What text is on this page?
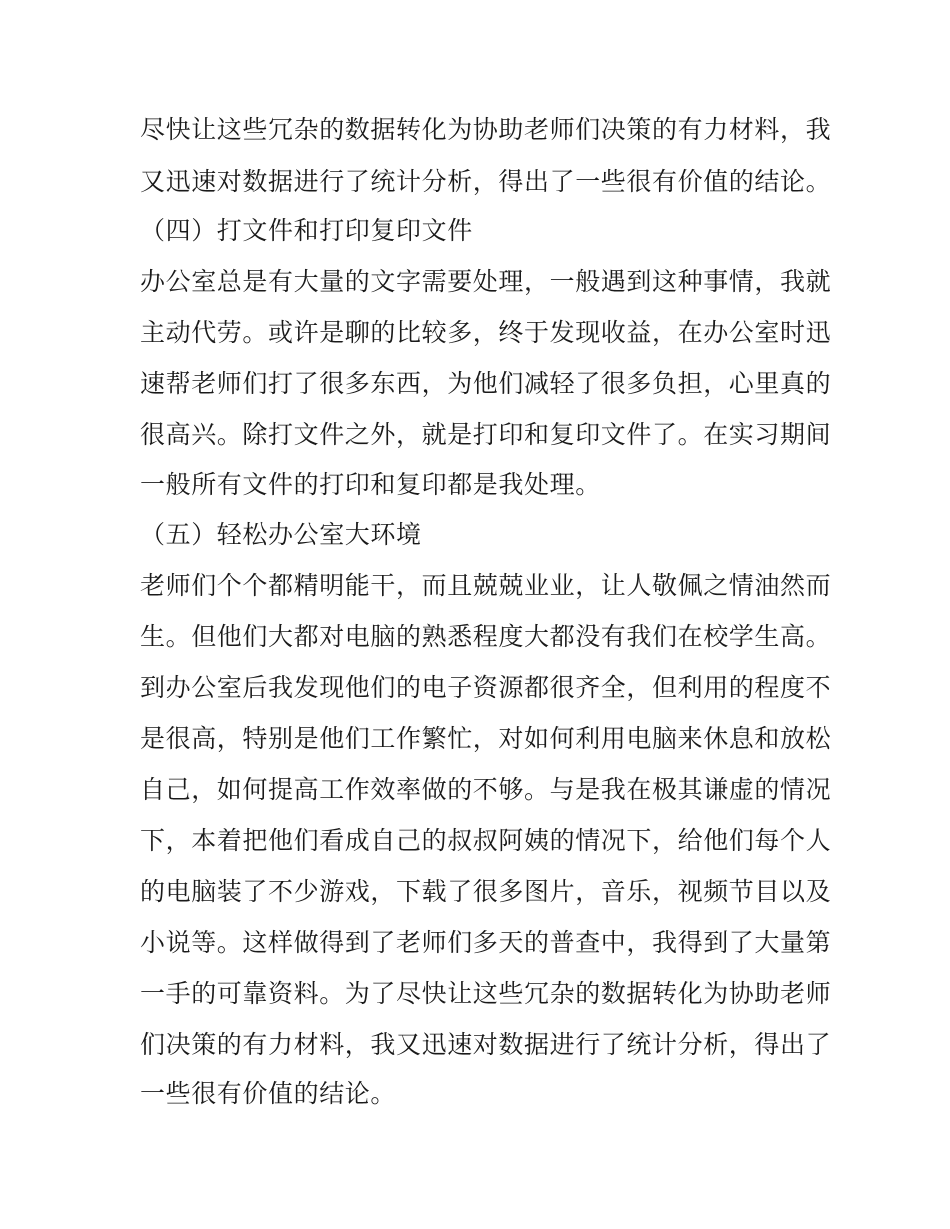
尽快让这些冗杂的数据转化为协助老师们决策的有力材料，我
又迅速对数据进行了统计分析，得出了一些很有价值的结论。
（四）打文件和打印复印文件
办公室总是有大量的文字需要处理，一般遇到这种事情，我就
主动代劳。或许是聊的比较多，终于发现收益，在办公室时迅
速帮老师们打了很多东西，为他们减轻了很多负担，心里真的
很高兴。除打文件之外，就是打印和复印文件了。在实习期间
一般所有文件的打印和复印都是我处理。
（五）轻松办公室大环境
老师们个个都精明能干，而且兢兢业业，让人敬佩之情油然而
生。但他们大都对电脑的熟悉程度大都没有我们在校学生高。
到办公室后我发现他们的电子资源都很齐全，但利用的程度不
是很高，特别是他们工作繁忙，对如何利用电脑来休息和放松
自己，如何提高工作效率做的不够。与是我在极其谦虚的情况
下，本着把他们看成自己的叔叔阿姨的情况下，给他们每个人
的电脑装了不少游戏，下载了很多图片，音乐，视频节目以及
小说等。这样做得到了老师们多天的普查中，我得到了大量第
一手的可靠资料。为了尽快让这些冗杂的数据转化为协助老师
们决策的有力材料，我又迅速对数据进行了统计分析，得出了
一些很有价值的结论。
